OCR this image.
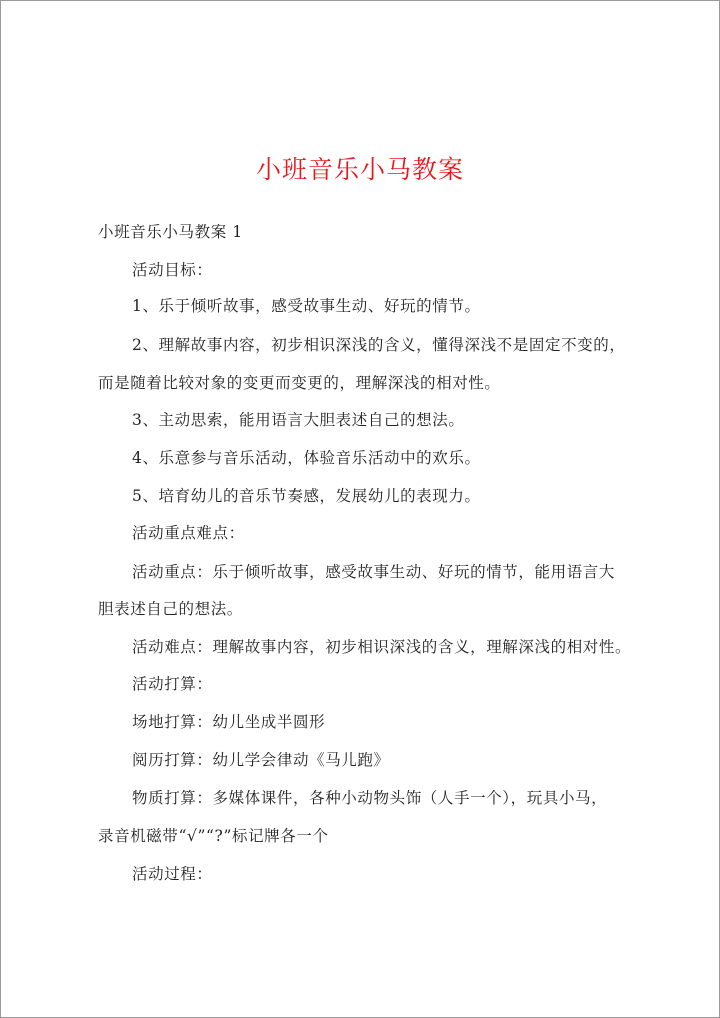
小班音乐小马教案
小班音乐小马教案 1
活动目标：
1、乐于倾听故事，感受故事生动、好玩的情节。
2、理解故事内容，初步相识深浅的含义，懂得深浅不是固定不变的，
而是随着比较对象的变更而变更的，理解深浅的相对性。
3、主动思索，能用语言大胆表述自己的想法。
4、乐意参与音乐活动，体验音乐活动中的欢乐。
5、培育幼儿的音乐节奏感，发展幼儿的表现力。
活动重点难点：
活动重点：乐于倾听故事，感受故事生动、好玩的情节，能用语言大
胆表述自己的想法。
活动难点：理解故事内容，初步相识深浅的含义，理解深浅的相对性。
活动打算：
场地打算：幼儿坐成半圆形
阅历打算：幼儿学会律动《马儿跑》
物质打算：多媒体课件，各种小动物头饰（人手一个），玩具小马，
录音机磁带“√”“?”标记牌各一个
活动过程：
